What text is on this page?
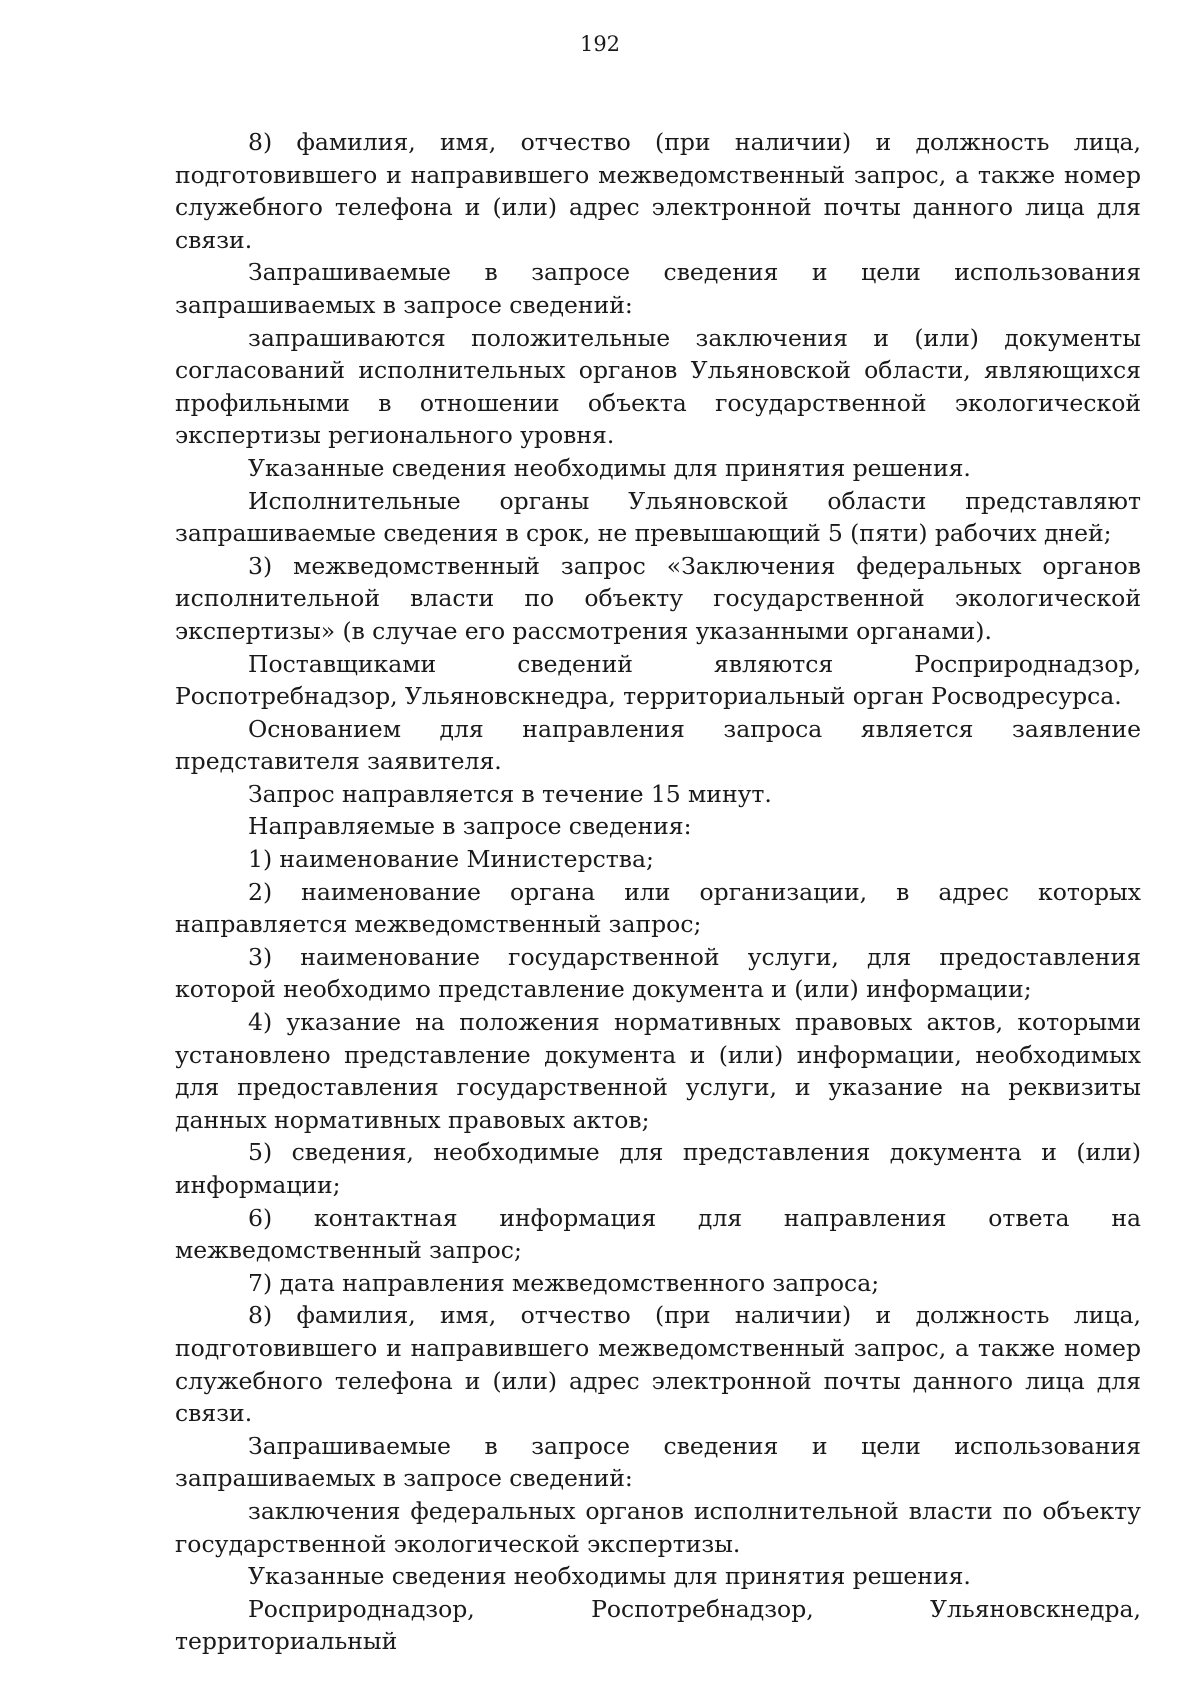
192

8) фамилия, имя, отчество (при наличии) и должность лица, подготовившего и направившего межведомственный запрос, а также номер служебного телефона и (или) адрес электронной почты данного лица для связи.

Запрашиваемые в запросе сведения и цели использования запрашиваемых в запросе сведений:

запрашиваются положительные заключения и (или) документы согласований исполнительных органов Ульяновской области, являющихся профильными в отношении объекта государственной экологической экспертизы регионального уровня.

Указанные сведения необходимы для принятия решения.

Исполнительные органы Ульяновской области представляют запрашиваемые сведения в срок, не превышающий 5 (пяти) рабочих дней;

3) межведомственный запрос «Заключения федеральных органов исполнительной власти по объекту государственной экологической экспертизы» (в случае его рассмотрения указанными органами).

Поставщиками сведений являются Росприроднадзор, Роспотребнадзор, Ульяновскнедра, территориальный орган Росводресурса.

Основанием для направления запроса является заявление представителя заявителя.

Запрос направляется в течение 15 минут.

Направляемые в запросе сведения:

1) наименование Министерства;

2) наименование органа или организации, в адрес которых направляется межведомственный запрос;

3) наименование государственной услуги, для предоставления которой необходимо представление документа и (или) информации;

4) указание на положения нормативных правовых актов, которыми установлено представление документа и (или) информации, необходимых для предоставления государственной услуги, и указание на реквизиты данных нормативных правовых актов;

5) сведения, необходимые для представления документа и (или) информации;

6) контактная информация для направления ответа на межведомственный запрос;

7) дата направления межведомственного запроса;

8) фамилия, имя, отчество (при наличии) и должность лица, подготовившего и направившего межведомственный запрос, а также номер служебного телефона и (или) адрес электронной почты данного лица для связи.

Запрашиваемые в запросе сведения и цели использования запрашиваемых в запросе сведений:

заключения федеральных органов исполнительной власти по объекту государственной экологической экспертизы.

Указанные сведения необходимы для принятия решения.

Росприроднадзор, Роспотребнадзор, Ульяновскнедра, территориальный
